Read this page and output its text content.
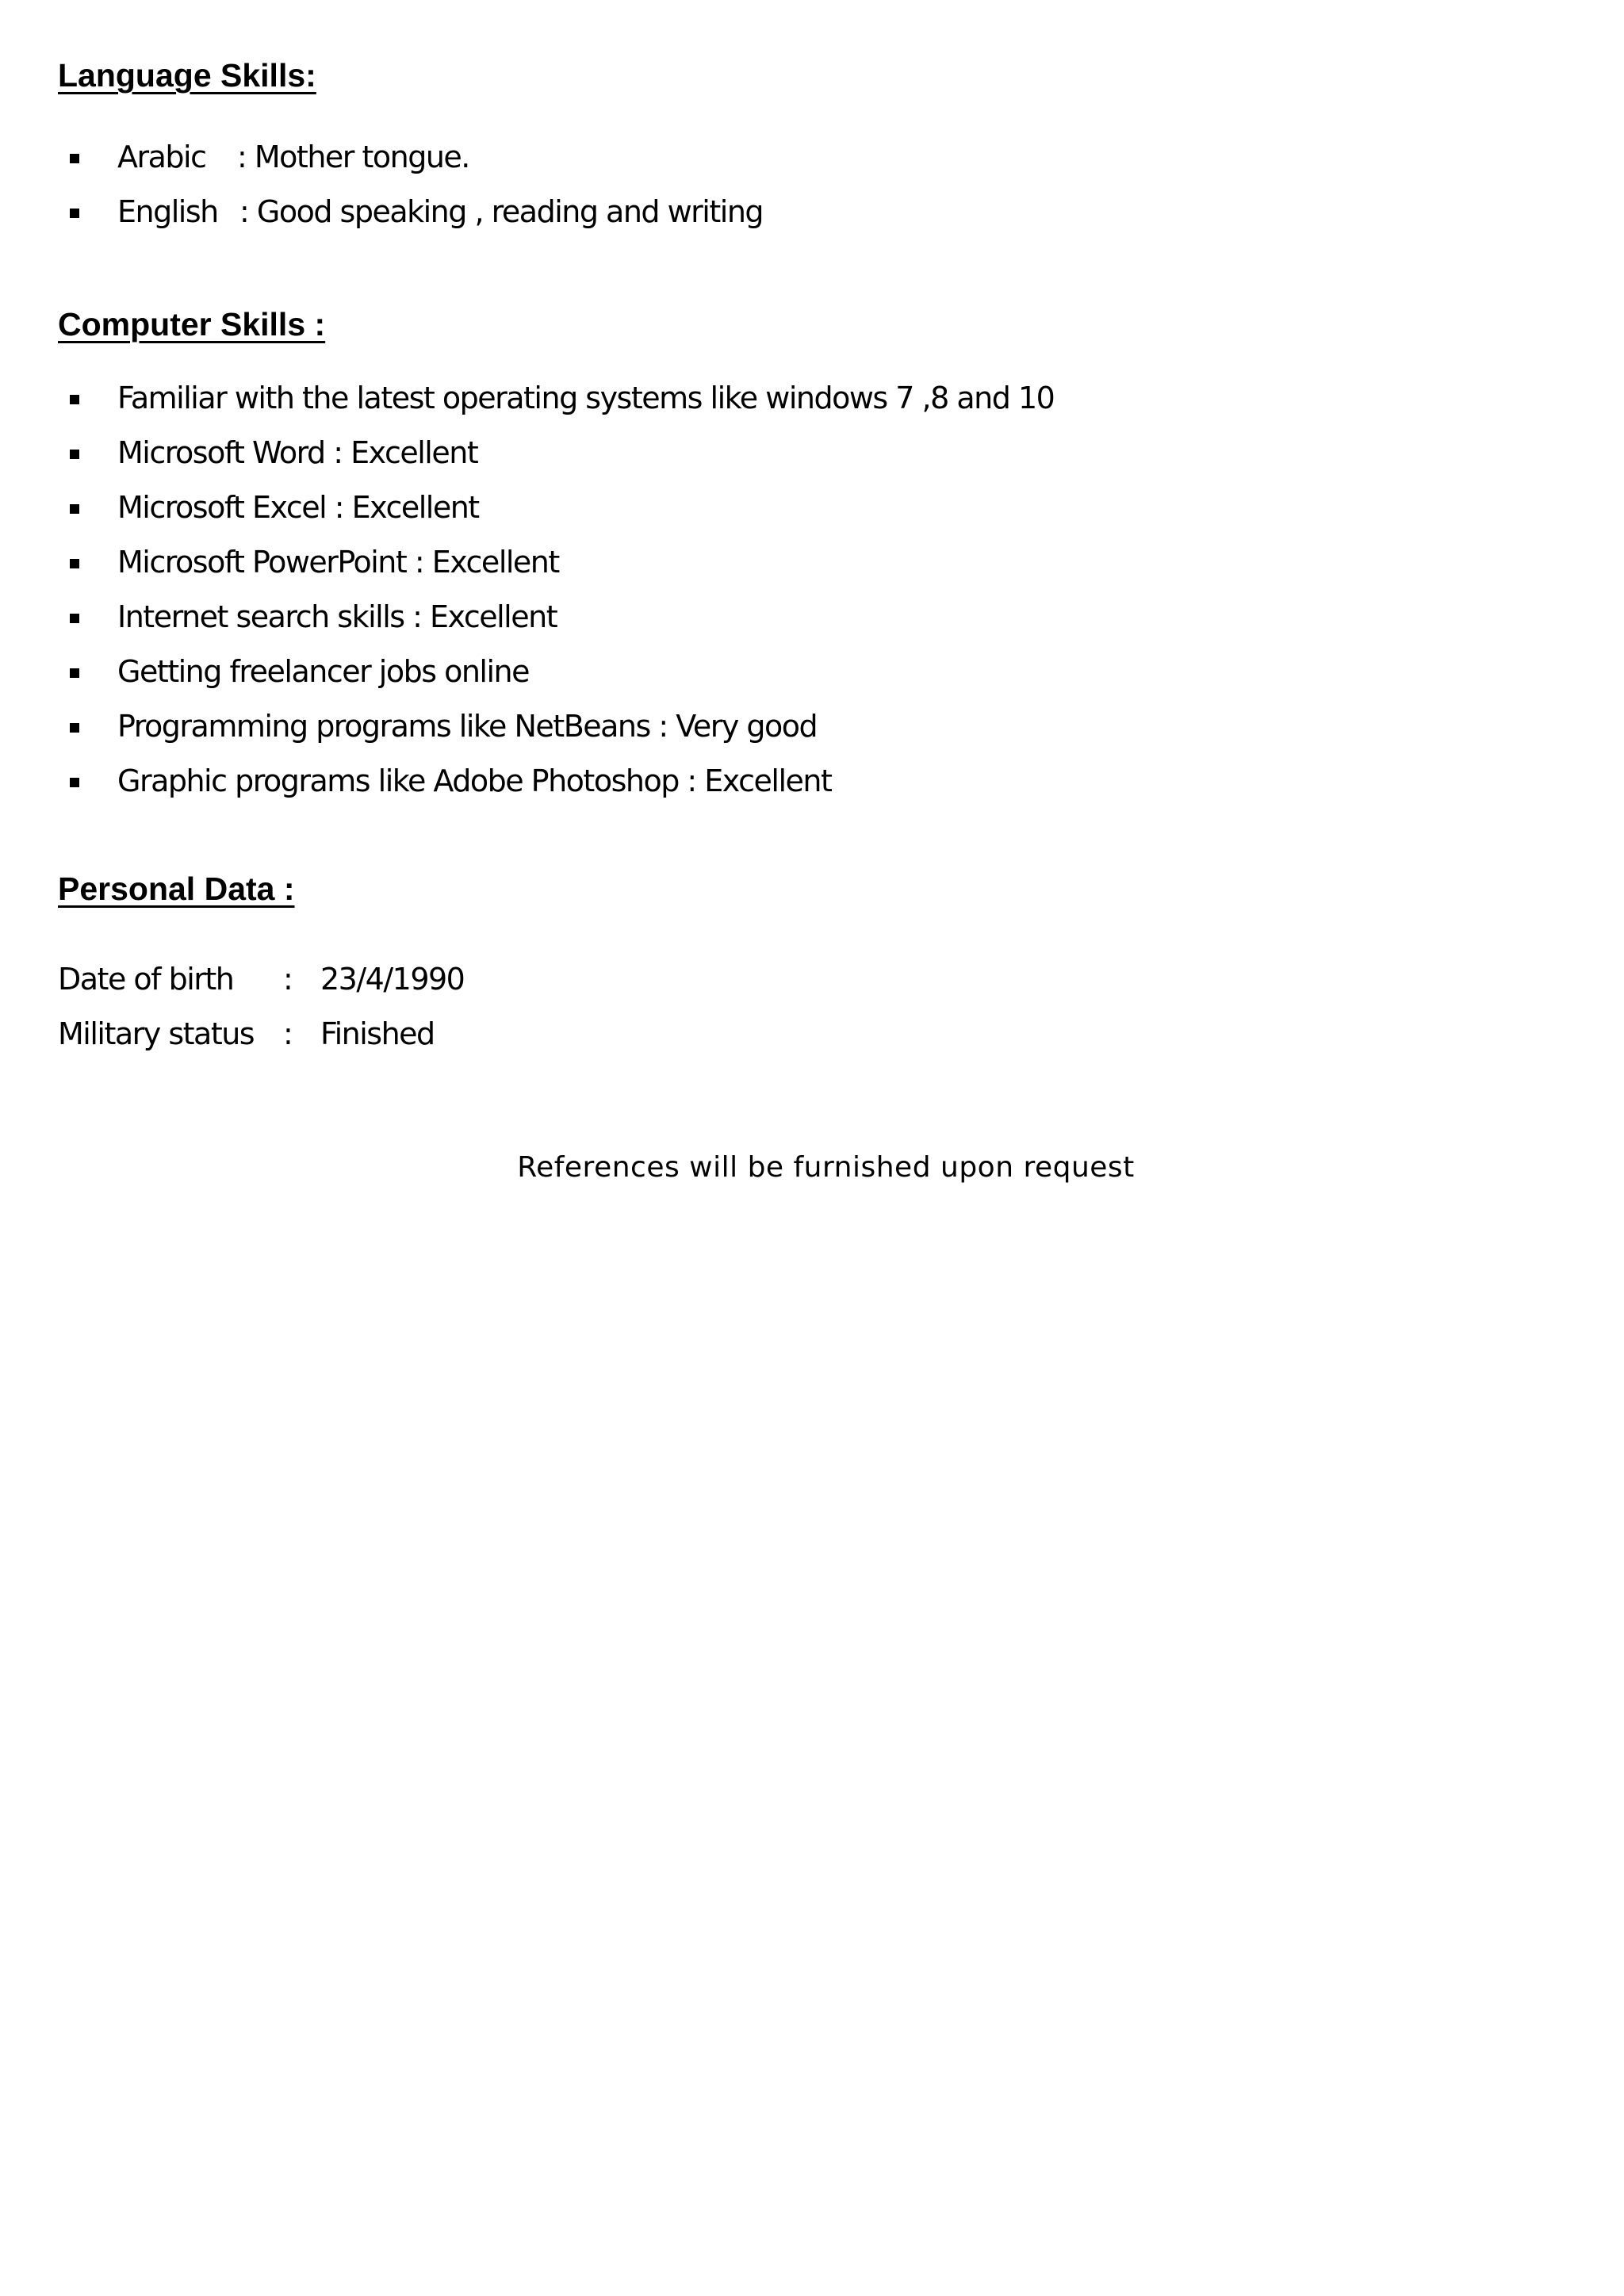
Language Skills:
Arabic : Mother tongue.
English : Good speaking , reading and writing
Computer Skills :
Familiar with the latest operating systems like windows 7 ,8 and 10
Microsoft Word : Excellent
Microsoft Excel : Excellent
Microsoft PowerPoint : Excellent
Internet search skills : Excellent
Getting freelancer jobs online
Programming programs like NetBeans : Very good
Graphic programs like Adobe Photoshop : Excellent
Personal Data :
Date of birth : 23/4/1990
Military status : Finished
References will be furnished upon request
